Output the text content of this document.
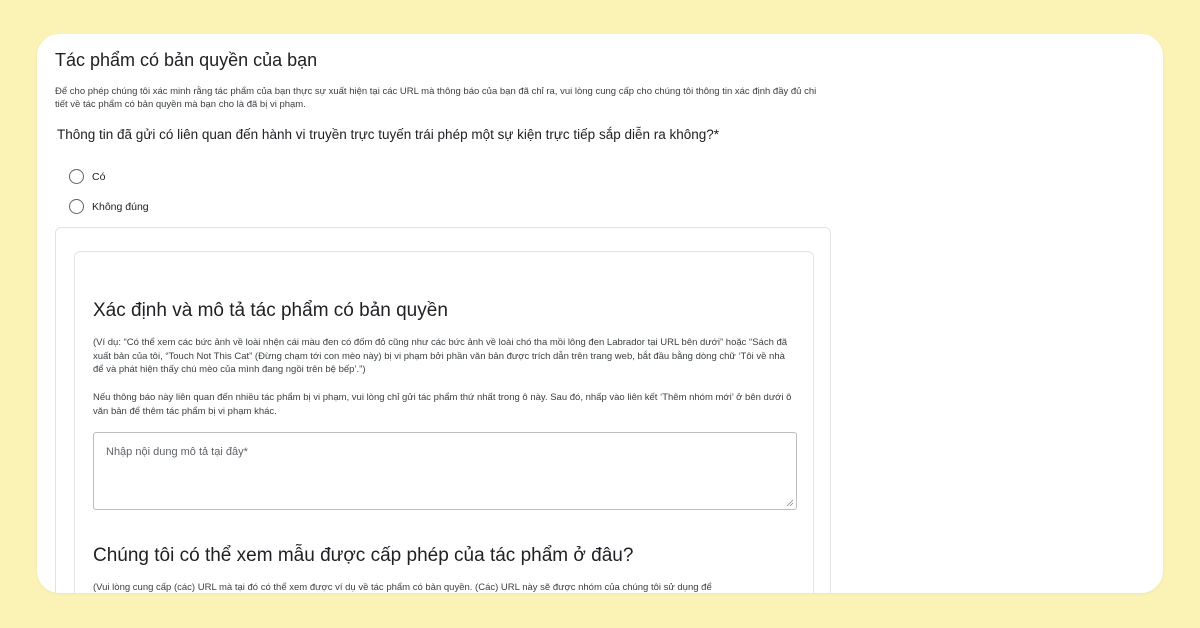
Tác phẩm có bản quyền của bạn

Để cho phép chúng tôi xác minh rằng tác phẩm của bạn thực sự xuất hiện tại các URL mà thông báo của bạn đã chỉ ra, vui lòng cung cấp cho chúng tôi thông tin xác định đầy đủ chi tiết về tác phẩm có bản quyền mà bạn cho là đã bị vi phạm.

Thông tin đã gửi có liên quan đến hành vi truyền trực tuyến trái phép một sự kiện trực tiếp sắp diễn ra không?*

Có
Không đúng
Xác định và mô tả tác phẩm có bản quyền

(Ví dụ: “Có thể xem các bức ảnh về loài nhện cái màu đen có đốm đỏ cũng như các bức ảnh về loài chó tha mồi lông đen Labrador tại URL bên dưới” hoặc “Sách đã xuất bản của tôi, “Touch Not This Cat” (Đừng chạm tới con mèo này) bị vi phạm bởi phần văn bản được trích dẫn trên trang web, bắt đầu bằng dòng chữ ‘Tôi về nhà để và phát hiện thấy chú mèo của mình đang ngồi trên bệ bếp’.”)

Nếu thông báo này liên quan đến nhiều tác phẩm bị vi phạm, vui lòng chỉ gửi tác phẩm thứ nhất trong ô này. Sau đó, nhấp vào liên kết ‘Thêm nhóm mới’ ở bên dưới ô văn bản để thêm tác phẩm bị vi phạm khác.

Nhập nội dung mô tả tại đây*
Chúng tôi có thể xem mẫu được cấp phép của tác phẩm ở đâu?

(Vui lòng cung cấp (các) URL mà tại đó có thể xem được ví dụ về tác phẩm có bản quyền. (Các) URL này sẽ được nhóm của chúng tôi sử dụng để
